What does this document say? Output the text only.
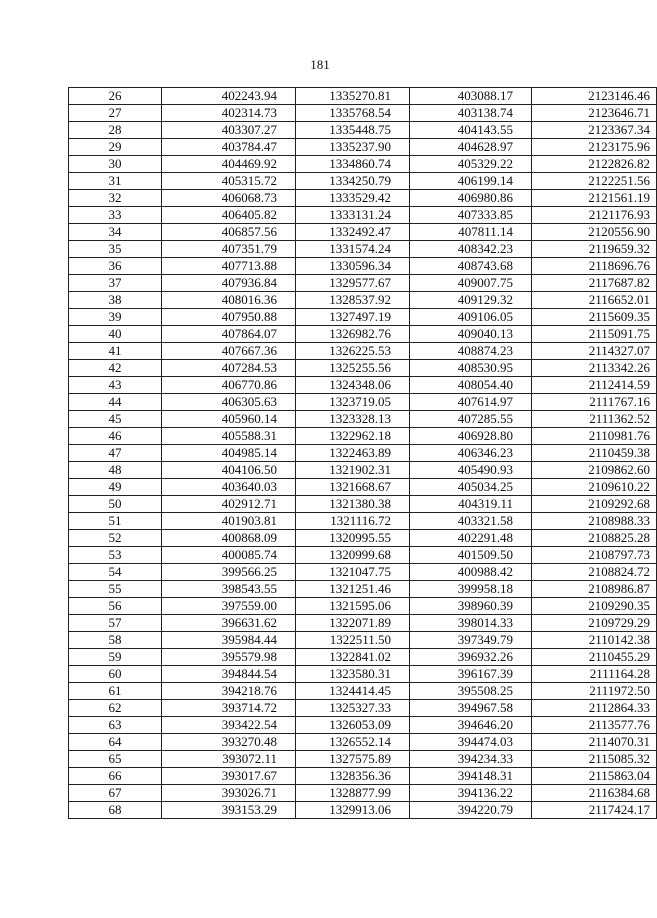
181
26	402243.94	1335270.81	403088.17	2123146.46
27	402314.73	1335768.54	403138.74	2123646.71
28	403307.27	1335448.75	404143.55	2123367.34
29	403784.47	1335237.90	404628.97	2123175.96
30	404469.92	1334860.74	405329.22	2122826.82
31	405315.72	1334250.79	406199.14	2122251.56
32	406068.73	1333529.42	406980.86	2121561.19
33	406405.82	1333131.24	407333.85	2121176.93
34	406857.56	1332492.47	407811.14	2120556.90
35	407351.79	1331574.24	408342.23	2119659.32
36	407713.88	1330596.34	408743.68	2118696.76
37	407936.84	1329577.67	409007.75	2117687.82
38	408016.36	1328537.92	409129.32	2116652.01
39	407950.88	1327497.19	409106.05	2115609.35
40	407864.07	1326982.76	409040.13	2115091.75
41	407667.36	1326225.53	408874.23	2114327.07
42	407284.53	1325255.56	408530.95	2113342.26
43	406770.86	1324348.06	408054.40	2112414.59
44	406305.63	1323719.05	407614.97	2111767.16
45	405960.14	1323328.13	407285.55	2111362.52
46	405588.31	1322962.18	406928.80	2110981.76
47	404985.14	1322463.89	406346.23	2110459.38
48	404106.50	1321902.31	405490.93	2109862.60
49	403640.03	1321668.67	405034.25	2109610.22
50	402912.71	1321380.38	404319.11	2109292.68
51	401903.81	1321116.72	403321.58	2108988.33
52	400868.09	1320995.55	402291.48	2108825.28
53	400085.74	1320999.68	401509.50	2108797.73
54	399566.25	1321047.75	400988.42	2108824.72
55	398543.55	1321251.46	399958.18	2108986.87
56	397559.00	1321595.06	398960.39	2109290.35
57	396631.62	1322071.89	398014.33	2109729.29
58	395984.44	1322511.50	397349.79	2110142.38
59	395579.98	1322841.02	396932.26	2110455.29
60	394844.54	1323580.31	396167.39	2111164.28
61	394218.76	1324414.45	395508.25	2111972.50
62	393714.72	1325327.33	394967.58	2112864.33
63	393422.54	1326053.09	394646.20	2113577.76
64	393270.48	1326552.14	394474.03	2114070.31
65	393072.11	1327575.89	394234.33	2115085.32
66	393017.67	1328356.36	394148.31	2115863.04
67	393026.71	1328877.99	394136.22	2116384.68
68	393153.29	1329913.06	394220.79	2117424.17
